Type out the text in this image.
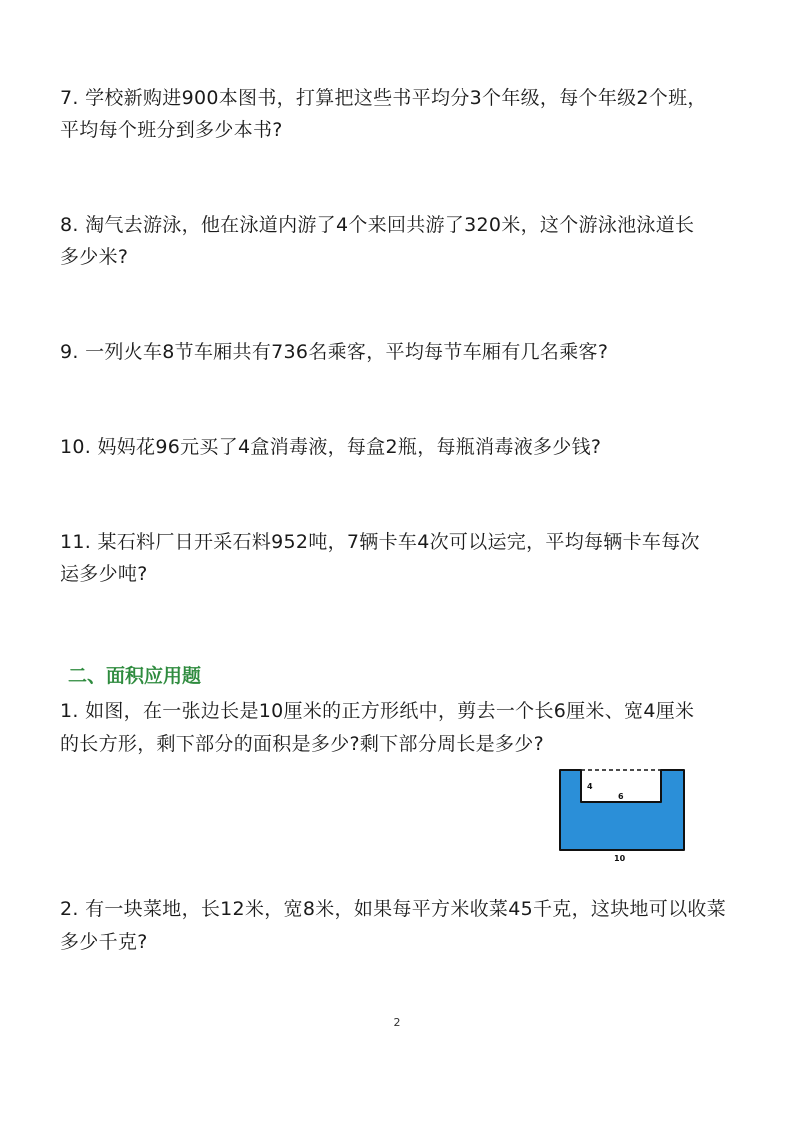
7. 学校新购进900本图书，打算把这些书平均分3个年级，每个年级2个班，
平均每个班分到多少本书?
8. 淘气去游泳，他在泳道内游了4个来回共游了320米，这个游泳池泳道长
多少米?
9. 一列火车8节车厢共有736名乘客，平均每节车厢有几名乘客?
10. 妈妈花96元买了4盒消毒液，每盒2瓶，每瓶消毒液多少钱?
11. 某石料厂日开采石料952吨，7辆卡车4次可以运完，平均每辆卡车每次
运多少吨?
二、面积应用题
1. 如图，在一张边长是10厘米的正方形纸中，剪去一个长6厘米、宽4厘米
的长方形，剩下部分的面积是多少?剩下部分周长是多少?
4
6
10
2. 有一块菜地，长12米，宽8米，如果每平方米收菜45千克，这块地可以收菜
多少千克?
2
